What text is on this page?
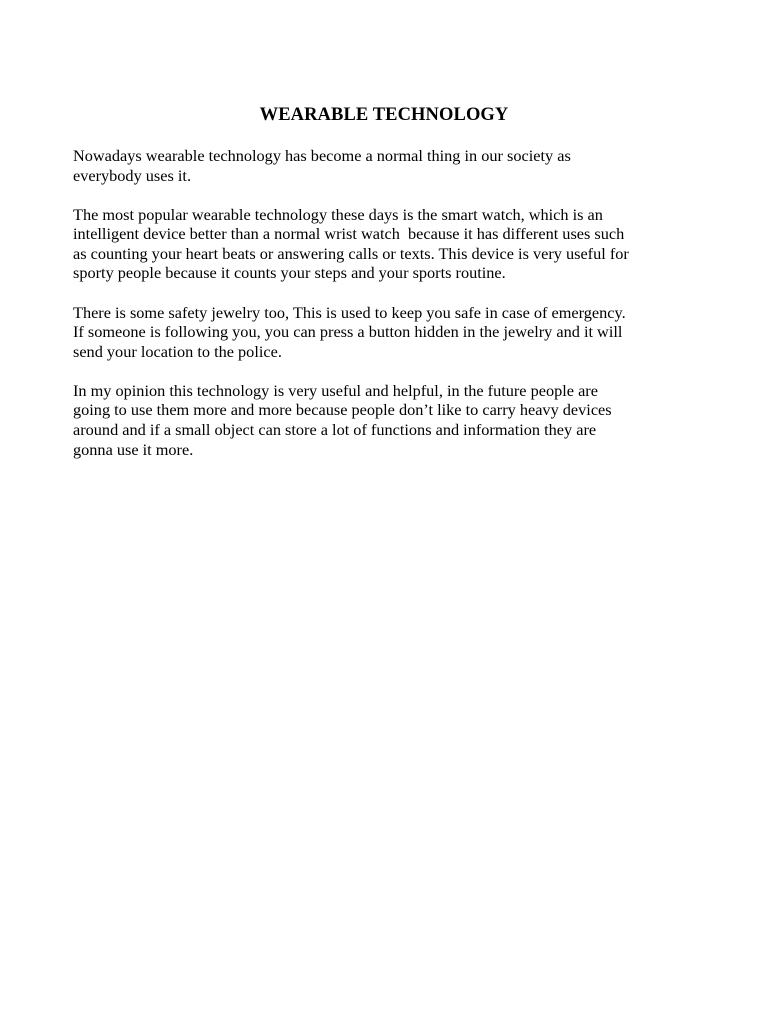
WEARABLE TECHNOLOGY

Nowadays wearable technology has become a normal thing in our society as
everybody uses it.

The most popular wearable technology these days is the smart watch, which is an
intelligent device better than a normal wrist watch  because it has different uses such
as counting your heart beats or answering calls or texts. This device is very useful for
sporty people because it counts your steps and your sports routine.

There is some safety jewelry too, This is used to keep you safe in case of emergency.
If someone is following you, you can press a button hidden in the jewelry and it will
send your location to the police.

In my opinion this technology is very useful and helpful, in the future people are
going to use them more and more because people don’t like to carry heavy devices
around and if a small object can store a lot of functions and information they are
gonna use it more.
